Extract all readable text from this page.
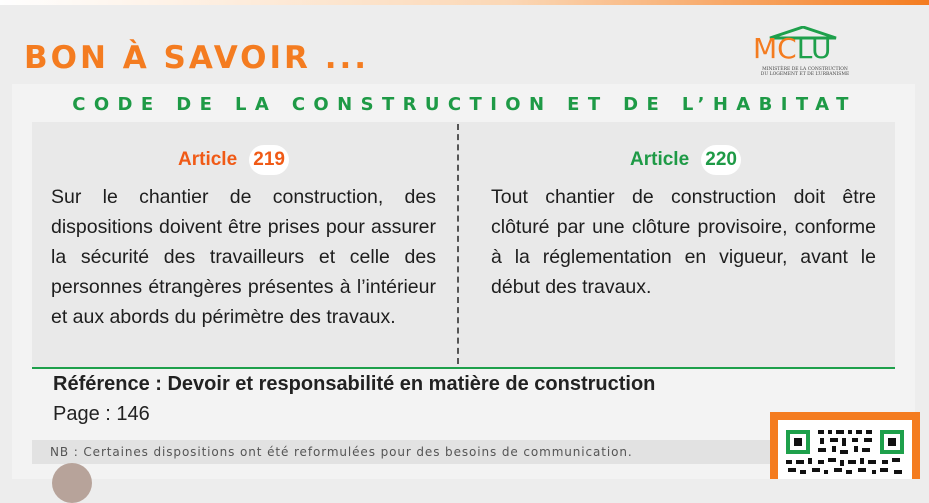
BON À SAVOIR ...	MCLU
MINISTÈRE DE LA CONSTRUCTION
DU LOGEMENT ET DE L’URBANISME
CODE DE LA CONSTRUCTION ET DE L’HABITAT
Article 219
Sur le chantier de construction, des dispositions doivent être prises pour assurer la sécurité des travailleurs et celle des personnes étrangères présentes à l’intérieur et aux abords du périmètre des travaux.
Article 220
Tout chantier de construction doit être clôturé par une clôture provisoire, conforme à la réglementation en vigueur, avant le début des travaux.
Référence : Devoir et responsabilité en matière de construction
Page : 146
NB : Certaines dispositions ont été reformulées pour des besoins de communication.
